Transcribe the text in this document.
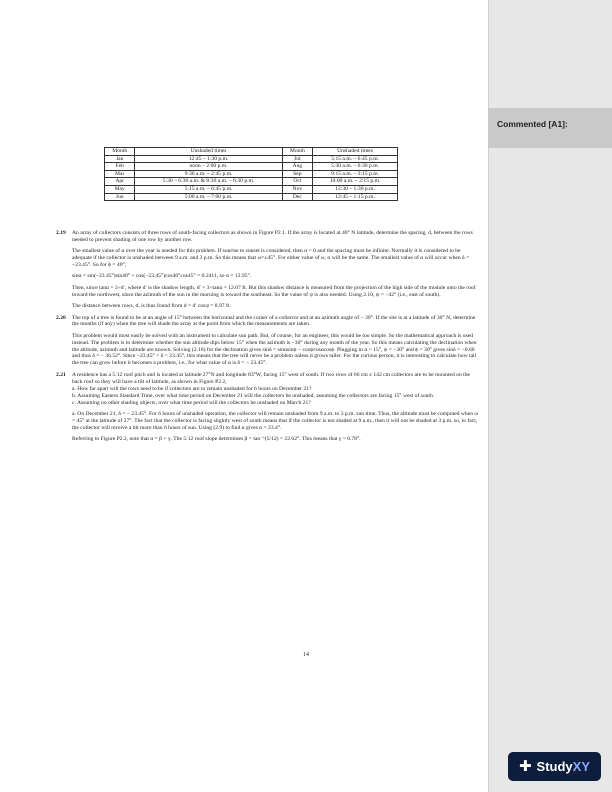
Commented [A1]:
Month	Unshaded times	Month	Unshaded times
Jan	12:45 – 1:30 p.m.	Jul	5:15 a.m. – 6:45 p.m.
Feb	noon – 2:00 p.m.	Aug	5:30 a.m. – 6:30 p.m.
Mar	9:30 a.m. – 2:45 p.m.	Sep	9:15 a.m. – 3:15 p.m.
Apr	5:30 – 6:30 a.m. & 8:30 a.m. – 6:30 p.m.	Oct	10:00 a.m. – 2:15 p.m.
May	5:15 a.m. – 6:45 p.m.	Nov	12:30 – 1:30 p.m.
Jun	5:00 a.m. – 7:00 p.m.	Dec	12:45 – 1:15 p.m.
2.19 An array of collectors consists of three rows of south-facing collectors as shown in Figure P2.1. If the array is located at 40° N latitude, determine the spacing, d, between the rows needed to prevent shading of one row by another row.

The smallest value of α over the year is needed for this problem. If sunrise to sunset is considered, then α = 0 and the spacing must be infinite. Normally it is considered to be adequate if the collector is unshaded between 9 a.m. and 3 p.m. So this means that ω=±45°. For either value of ω, α will be the same. The smallest value of α will occur when δ = −23.45°. So for ϕ = 40°,

sinα = sin(−23.45°)sin40° + cos(−23.45°)cos40°cos45° = 0.2411, so α = 13.95°.

Then, since tanα = 3÷d′, where d′ is the shadow length, d′ = 3÷tanα = 12.07 ft. But this shadow distance is measured from the projection of the high side of the module onto the roof toward the northwest, since the azimuth of the sun in the morning is toward the southeast. So the value of ψ is also needed. Using 2.10, ψ = −42° (i.e., east of south).

The distance between rows, d, is thus found from d = d′ cosψ = 8.97 ft.

2.20 The top of a tree is found to be at an angle of 15° between the horizontal and the corner of a collector and at an azimuth angle of − 30°. If the site is at a latitude of 30° N, determine the months (if any) when the tree will shade the array at the point from which the measurements are taken.

This problem would most easily be solved with an instrument to calculate sun path. But, of course, for an engineer, this would be too simple. So the mathematical approach is used instead. The problem is to determine whether the sun altitude dips below 15° when the azimuth is −30° during any month of the year. So this means calculating the declination when the altitude, azimuth and latitude are known. Solving (2.10) for the declination gives sinδ = sinαsinϕ − cosψcosαcosϕ. Plugging in α = 15°, ψ = −30° and ϕ = 30° gives sinδ = −0.60 and thus δ = − 36.52°. Since −23.45° < δ < 23.45°, this means that the tree will never be a problem unless it grows taller. For the curious person, it is interesting to calculate how tall the tree can grow before it becomes a problem, i.e., for what value of α is δ = − 23.45°.

2.21 A residence has a 5:12 roof pitch and is located at latitude 27°N and longitude 83°W, facing 15° west of south. If two rows of 66 cm x 142 cm collectors are to be mounted on the back roof so they will have a tilt of latitude, as shown in Figure P2.2,

a. How far apart will the rows need to be if collectors are to remain unshaded for 6 hours on December 21?
b. Assuming Eastern Standard Time, over what time period on December 21 will the collectors be unshaded, assuming the collectors are facing 15° west of south.
c. Assuming no other shading objects, over what time period will the collectors be unshaded on March 21?

a. On December 21, δ = − 23.45°. For 6 hours of unshaded operation, the collector will remain unshaded from 9 a.m. to 3 p.m. sun time. Thus, the altitude must be computed when ω = 45° at the latitude of 27°. The fact that the collector is facing slightly west of south means that if the collector is not shaded at 9 a.m., then it will not be shaded at 3 p.m. so, in fact, the collector will receive a bit more than 6 hours of sun. Using (2.9) to find α gives α = 23.4°.

Referring to Figure P2.2, note that α = β + γ. The 5:12 roof slope determines β = tan⁻¹(5/12) = 22.62°. This means that γ = 0.78°.

14
✚ StudyXY
